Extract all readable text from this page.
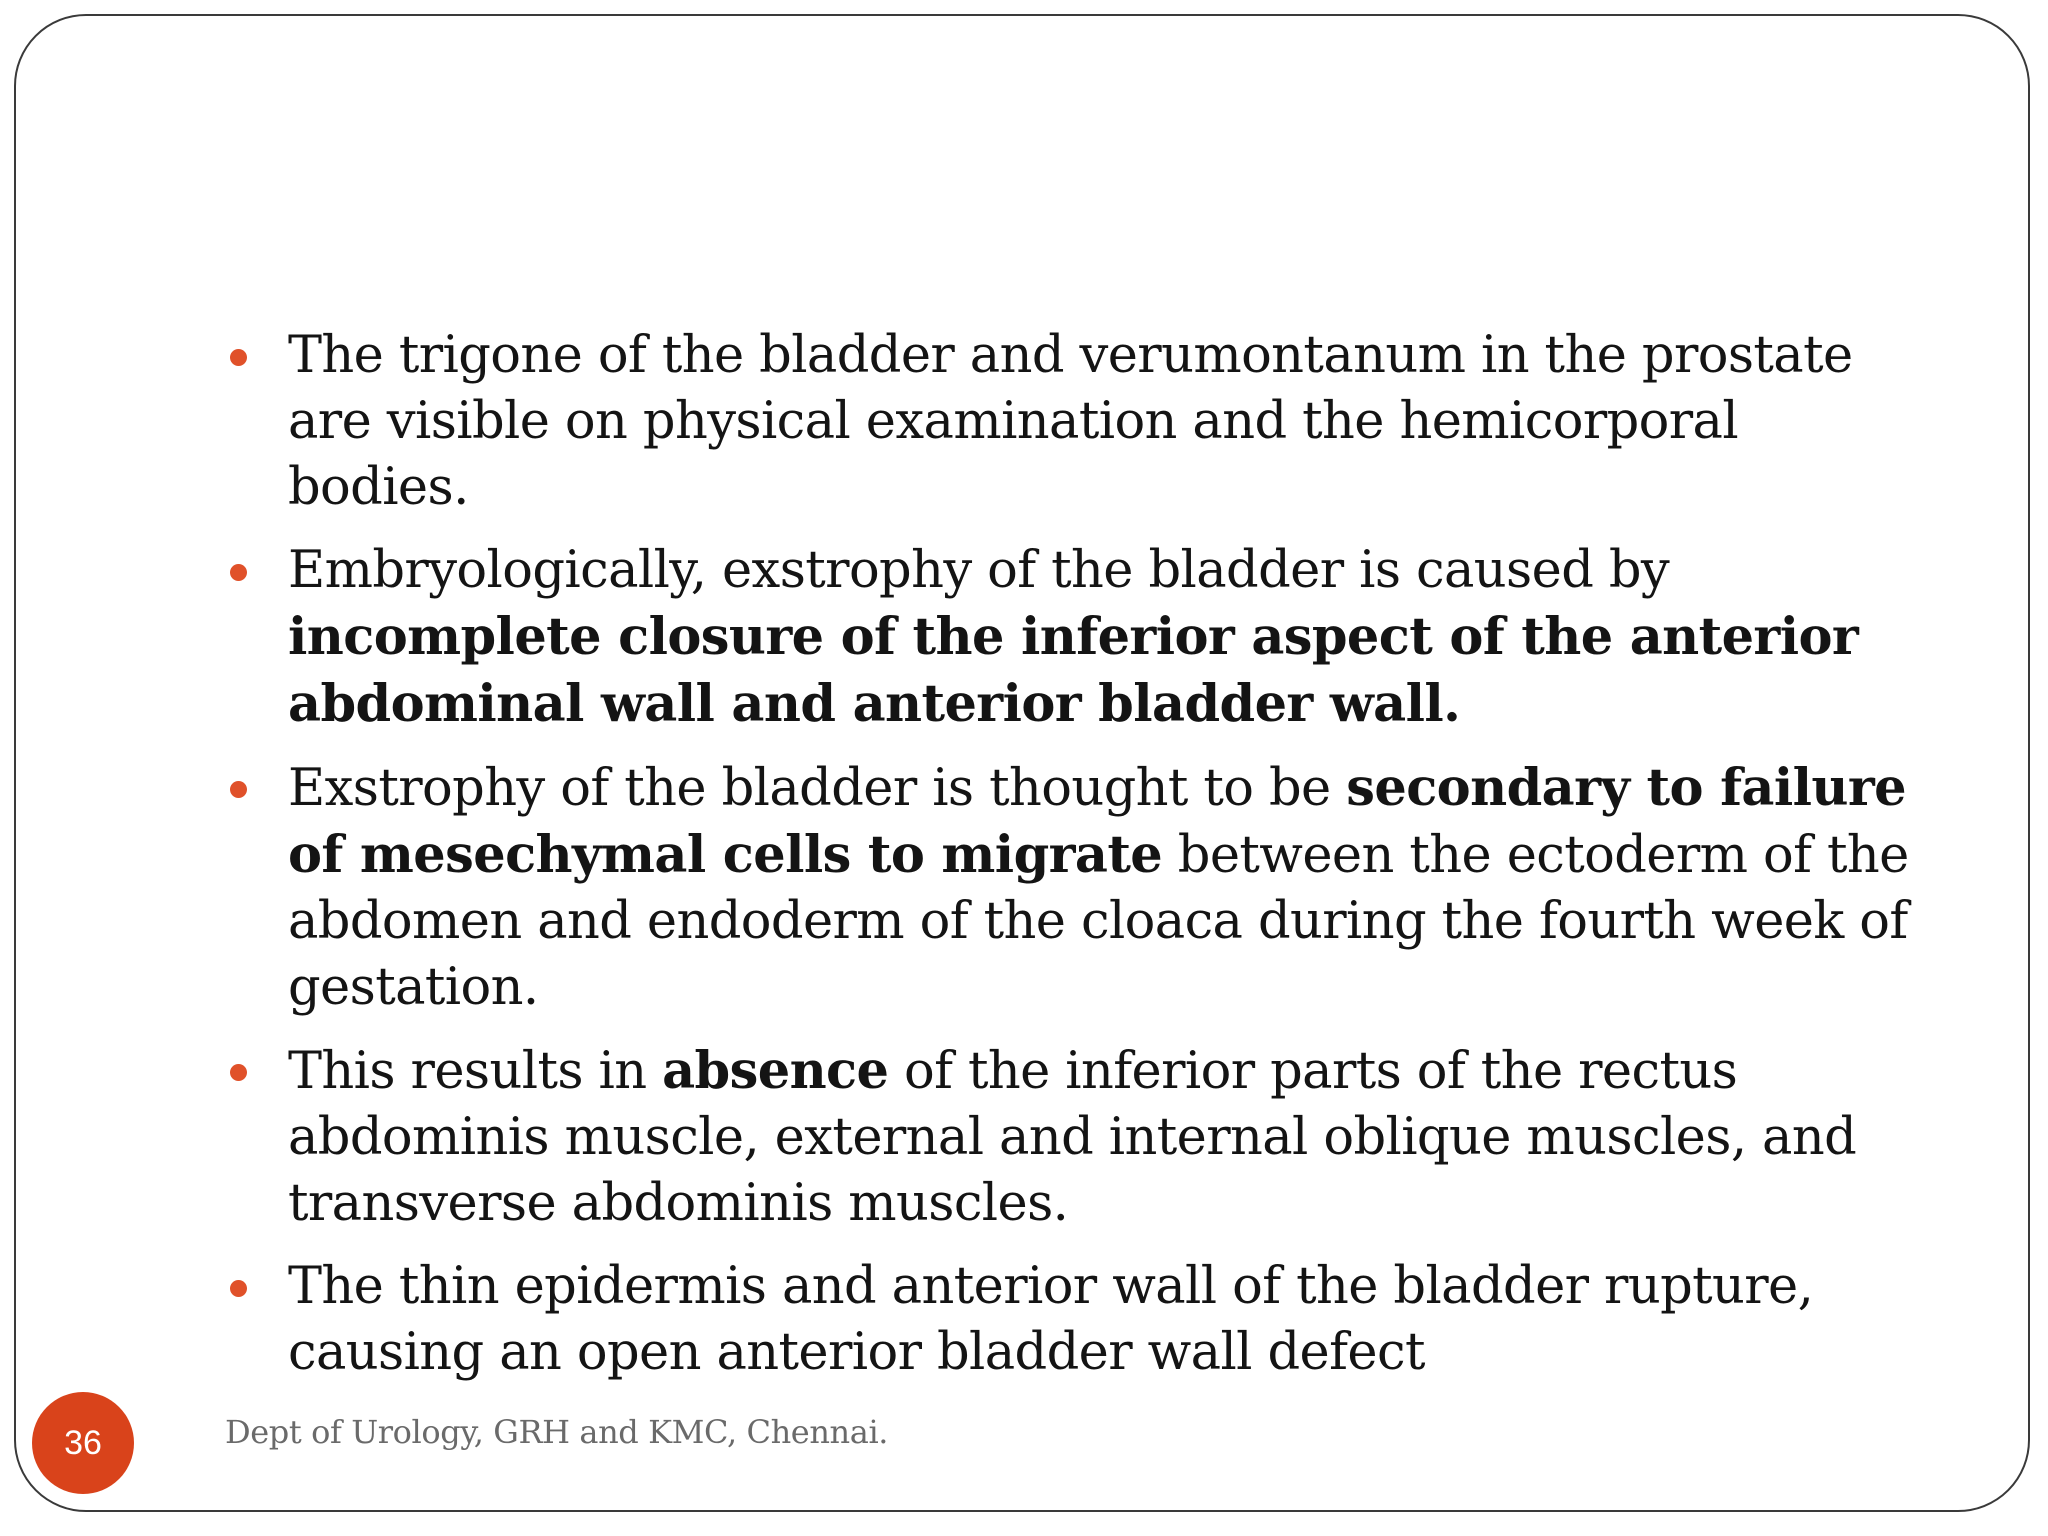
The trigone of the bladder and verumontanum in the prostate are visible on physical examination and the hemicorporal bodies.
Embryologically, exstrophy of the bladder is caused by incomplete closure of the inferior aspect of the anterior abdominal wall and anterior bladder wall.
Exstrophy of the bladder is thought to be secondary to failure of mesechymal cells to migrate between the ectoderm of the abdomen and endoderm of the cloaca during the fourth week of gestation.
This results in absence of the inferior parts of the rectus abdominis muscle, external and internal oblique muscles, and transverse abdominis muscles.
The thin epidermis and anterior wall of the bladder rupture, causing an open anterior bladder wall defect
36	Dept of Urology, GRH and KMC, Chennai.
